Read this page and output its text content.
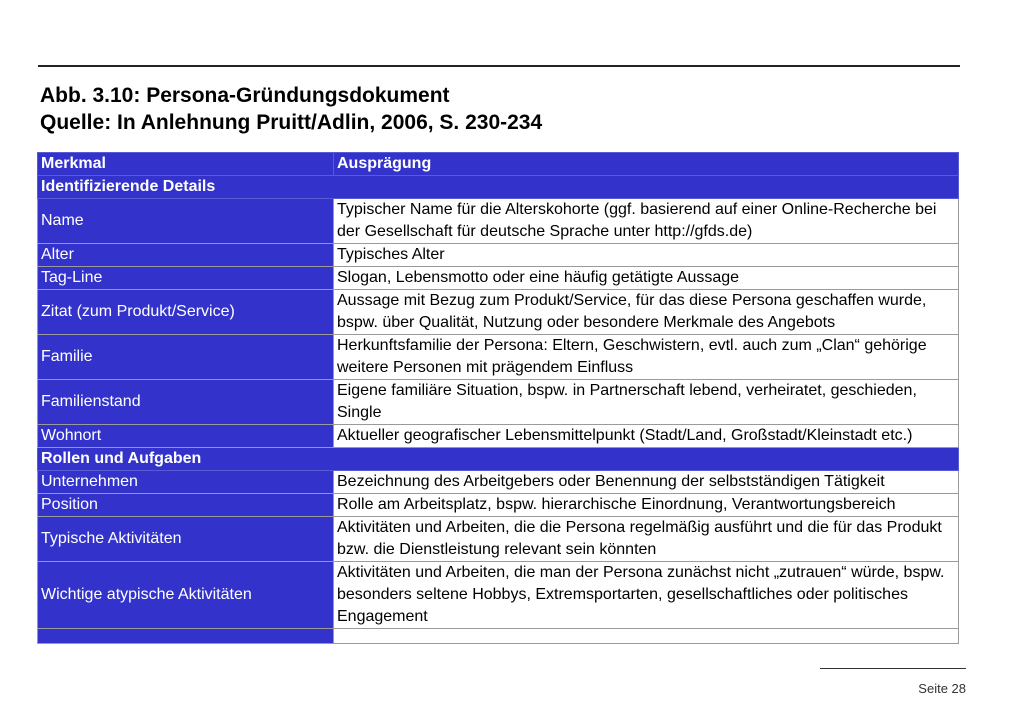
Abb. 3.10: Persona-Gründungsdokument
Quelle: In Anlehnung Pruitt/Adlin, 2006, S. 230-234
Merkmal	Ausprägung
Identifizierende Details	
Name	Typischer Name für die Alterskohorte (ggf. basierend auf einer Online-Recherche bei der Gesellschaft für deutsche Sprache unter http://gfds.de)
Alter	Typisches Alter
Tag-Line	Slogan, Lebensmotto oder eine häufig getätigte Aussage
Zitat (zum Produkt/Service)	Aussage mit Bezug zum Produkt/Service, für das diese Persona geschaffen wurde, bspw. über Qualität, Nutzung oder besondere Merkmale des Angebots
Familie	Herkunftsfamilie der Persona: Eltern, Geschwistern, evtl. auch zum „Clan“ gehörige weitere Personen mit prägendem Einfluss
Familienstand	Eigene familiäre Situation, bspw. in Partnerschaft lebend, verheiratet, geschieden, Single
Wohnort	Aktueller geografischer Lebensmittelpunkt (Stadt/Land, Großstadt/Kleinstadt etc.)
Rollen und Aufgaben	
Unternehmen	Bezeichnung des Arbeitgebers oder Benennung der selbstständigen Tätigkeit
Position	Rolle am Arbeitsplatz, bspw. hierarchische Einordnung, Verantwortungsbereich
Typische Aktivitäten	Aktivitäten und Arbeiten, die die Persona regelmäßig ausführt und die für das Produkt bzw. die Dienstleistung relevant sein könnten
Wichtige atypische Aktivitäten	Aktivitäten und Arbeiten, die man der Persona zunächst nicht „zutrauen“ würde, bspw. besonders seltene Hobbys, Extremsportarten, gesellschaftliches oder politisches Engagement

Seite 28
